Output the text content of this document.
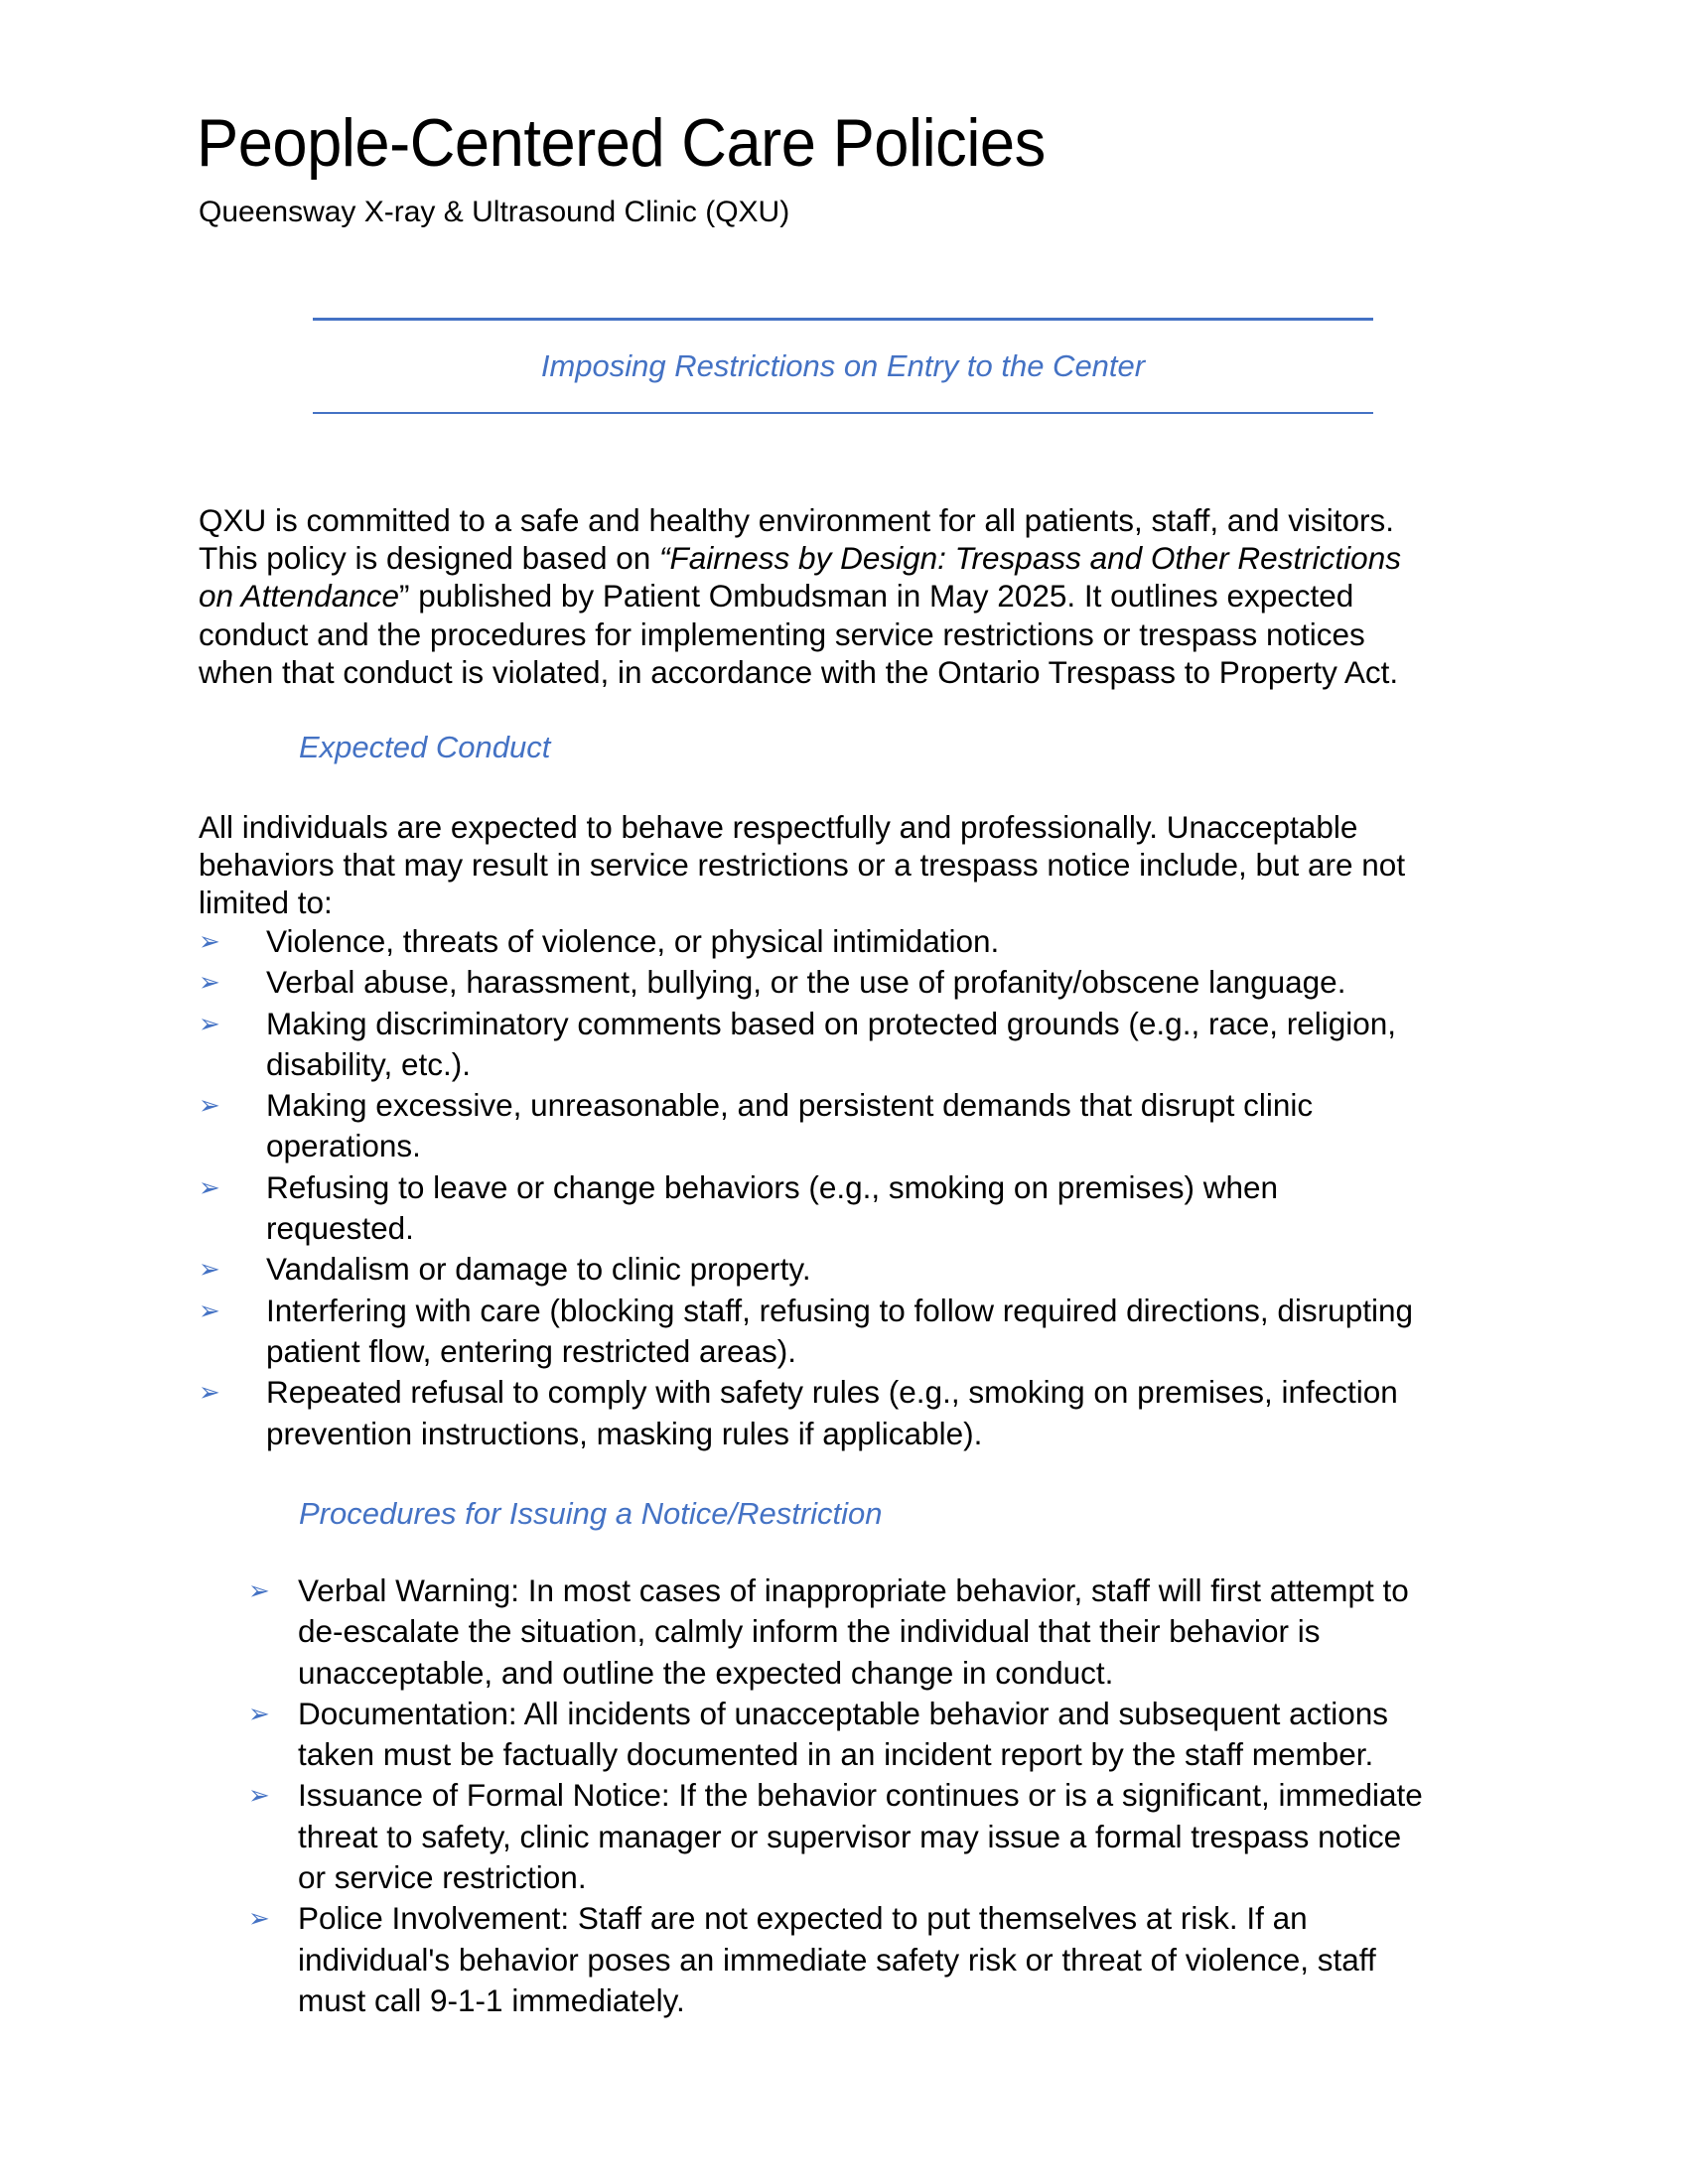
People-Centered Care Policies
Queensway X-ray & Ultrasound Clinic (QXU)
Imposing Restrictions on Entry to the Center
QXU is committed to a safe and healthy environment for all patients, staff, and visitors.
This policy is designed based on “Fairness by Design: Trespass and Other Restrictions
on Attendance” published by Patient Ombudsman in May 2025. It outlines expected
conduct and the procedures for implementing service restrictions or trespass notices
when that conduct is violated, in accordance with the Ontario Trespass to Property Act.
Expected Conduct
All individuals are expected to behave respectfully and professionally. Unacceptable
behaviors that may result in service restrictions or a trespass notice include, but are not
limited to:
➢ Violence, threats of violence, or physical intimidation.
➢ Verbal abuse, harassment, bullying, or the use of profanity/obscene language.
➢ Making discriminatory comments based on protected grounds (e.g., race, religion,
disability, etc.).
➢ Making excessive, unreasonable, and persistent demands that disrupt clinic
operations.
➢ Refusing to leave or change behaviors (e.g., smoking on premises) when
requested.
➢ Vandalism or damage to clinic property.
➢ Interfering with care (blocking staff, refusing to follow required directions, disrupting
patient flow, entering restricted areas).
➢ Repeated refusal to comply with safety rules (e.g., smoking on premises, infection
prevention instructions, masking rules if applicable).
Procedures for Issuing a Notice/Restriction
➢ Verbal Warning: In most cases of inappropriate behavior, staff will first attempt to
de-escalate the situation, calmly inform the individual that their behavior is
unacceptable, and outline the expected change in conduct.
➢ Documentation: All incidents of unacceptable behavior and subsequent actions
taken must be factually documented in an incident report by the staff member.
➢ Issuance of Formal Notice: If the behavior continues or is a significant, immediate
threat to safety, clinic manager or supervisor may issue a formal trespass notice
or service restriction.
➢ Police Involvement: Staff are not expected to put themselves at risk. If an
individual's behavior poses an immediate safety risk or threat of violence, staff
must call 9-1-1 immediately.
